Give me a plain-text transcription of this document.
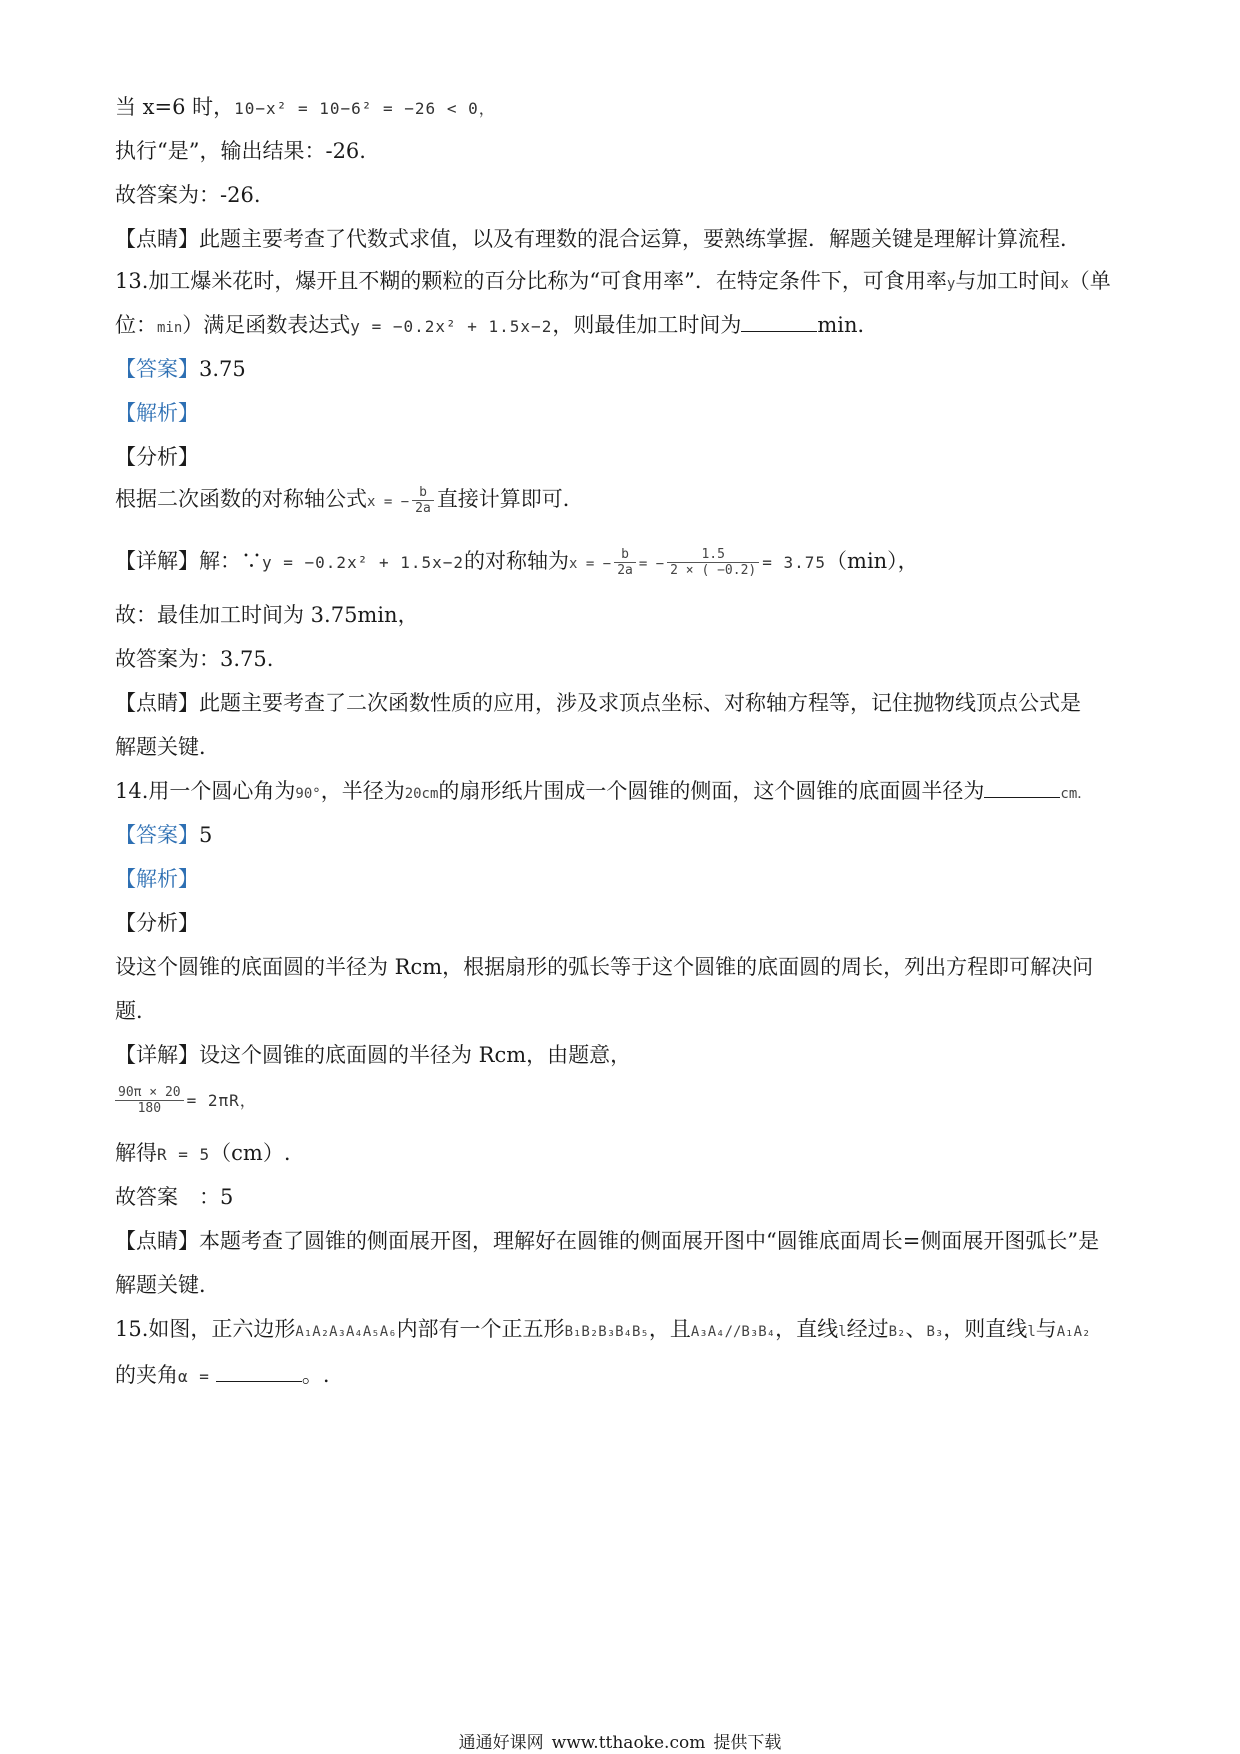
当 x=6 时，10−x² = 10−6² = −26 < 0，
执行“是”，输出结果：-26.
故答案为：-26.
【点睛】此题主要考查了代数式求值，以及有理数的混合运算，要熟练掌握．解题关键是理解计算流程．
13.加工爆米花时，爆开且不糊的颗粒的百分比称为“可食用率”．在特定条件下，可食用率y与加工时间x（单
位：min）满足函数表达式y = −0.2x² + 1.5x−2，则最佳加工时间为	min．
【答案】3.75
【解析】
【分析】
根据二次函数的对称轴公式x = − $\frac{b}{2a}$ 直接计算即可．
【详解】解：∵y = −0.2x² + 1.5x−2的对称轴为x = − $\frac{b}{2a}$ = − $\frac{1.5}{2 \times ( -0.2)} = 3.75(\min)$，
故：最佳加工时间为 3.75min，
故答案为：3.75.
【点睛】此题主要考查了二次函数性质的应用，涉及求顶点坐标、对称轴方程等，记住抛物线顶点公式是
解题关键．
14.用一个圆心角为90°，半径为20cm的扇形纸片围成一个圆锥的侧面，这个圆锥的底面圆半径为	cm．
【答案】5
【解析】
【分析】
设这个圆锥的底面圆的半径为 Rcm，根据扇形的弧长等于这个圆锥的底面圆的周长，列出方程即可解决问
题．
【详解】设这个圆锥的底面圆的半径为 Rcm，由题意，
$\frac{90\pi \times 20}{180} = 2\pi R$，
解得R = 5（cm）.
故答案　：5
【点睛】本题考查了圆锥的侧面展开图，理解好在圆锥的侧面展开图中“圆锥底面周长=侧面展开图弧长”是
解题关键．
15.如图，正六边形A₁A₂A₃A₄A₅A₆内部有一个正五形B₁B₂B₃B₄B₅，且A₃A₄//B₃B₄，直线l经过B₂、B₃，则直线l与A₁A₂
的夹角α =	。.
通通好课网 www.tthaoke.com 提供下载
